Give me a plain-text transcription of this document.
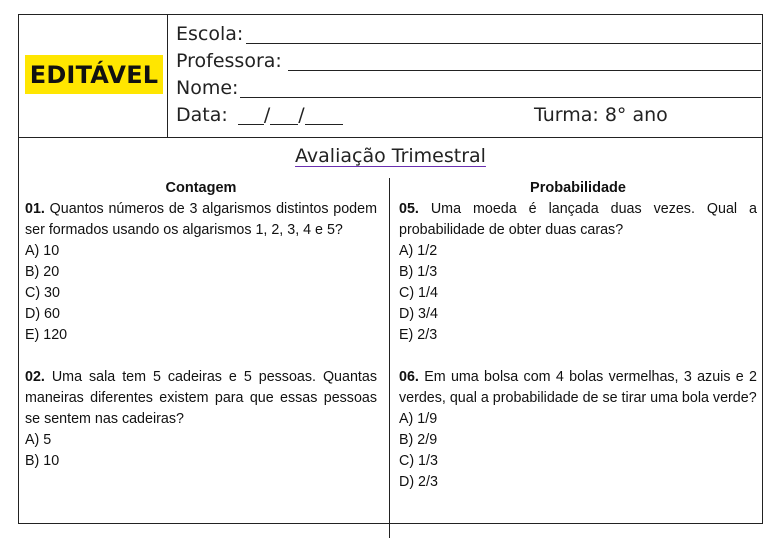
EDITÁVEL
Escola:
Professora:
Nome:
Data: / /	Turma: 8° ano
Avaliação Trimestral
Contagem

01. Quantos números de 3 algarismos distintos podem ser formados usando os algarismos 1, 2, 3, 4 e 5?

A) 10

B) 20

C) 30

D) 60

E) 120

02. Uma sala tem 5 cadeiras e 5 pessoas. Quantas maneiras diferentes existem para que essas pessoas se sentem nas cadeiras?

A) 5

B) 10

Probabilidade

05. Uma moeda é lançada duas vezes. Qual a probabilidade de obter duas caras?

A) 1/2

B) 1/3

C) 1/4

D) 3/4

E) 2/3

06. Em uma bolsa com 4 bolas vermelhas, 3 azuis e 2 verdes, qual a probabilidade de se tirar uma bola verde?

A) 1/9

B) 2/9

C) 1/3

D) 2/3
